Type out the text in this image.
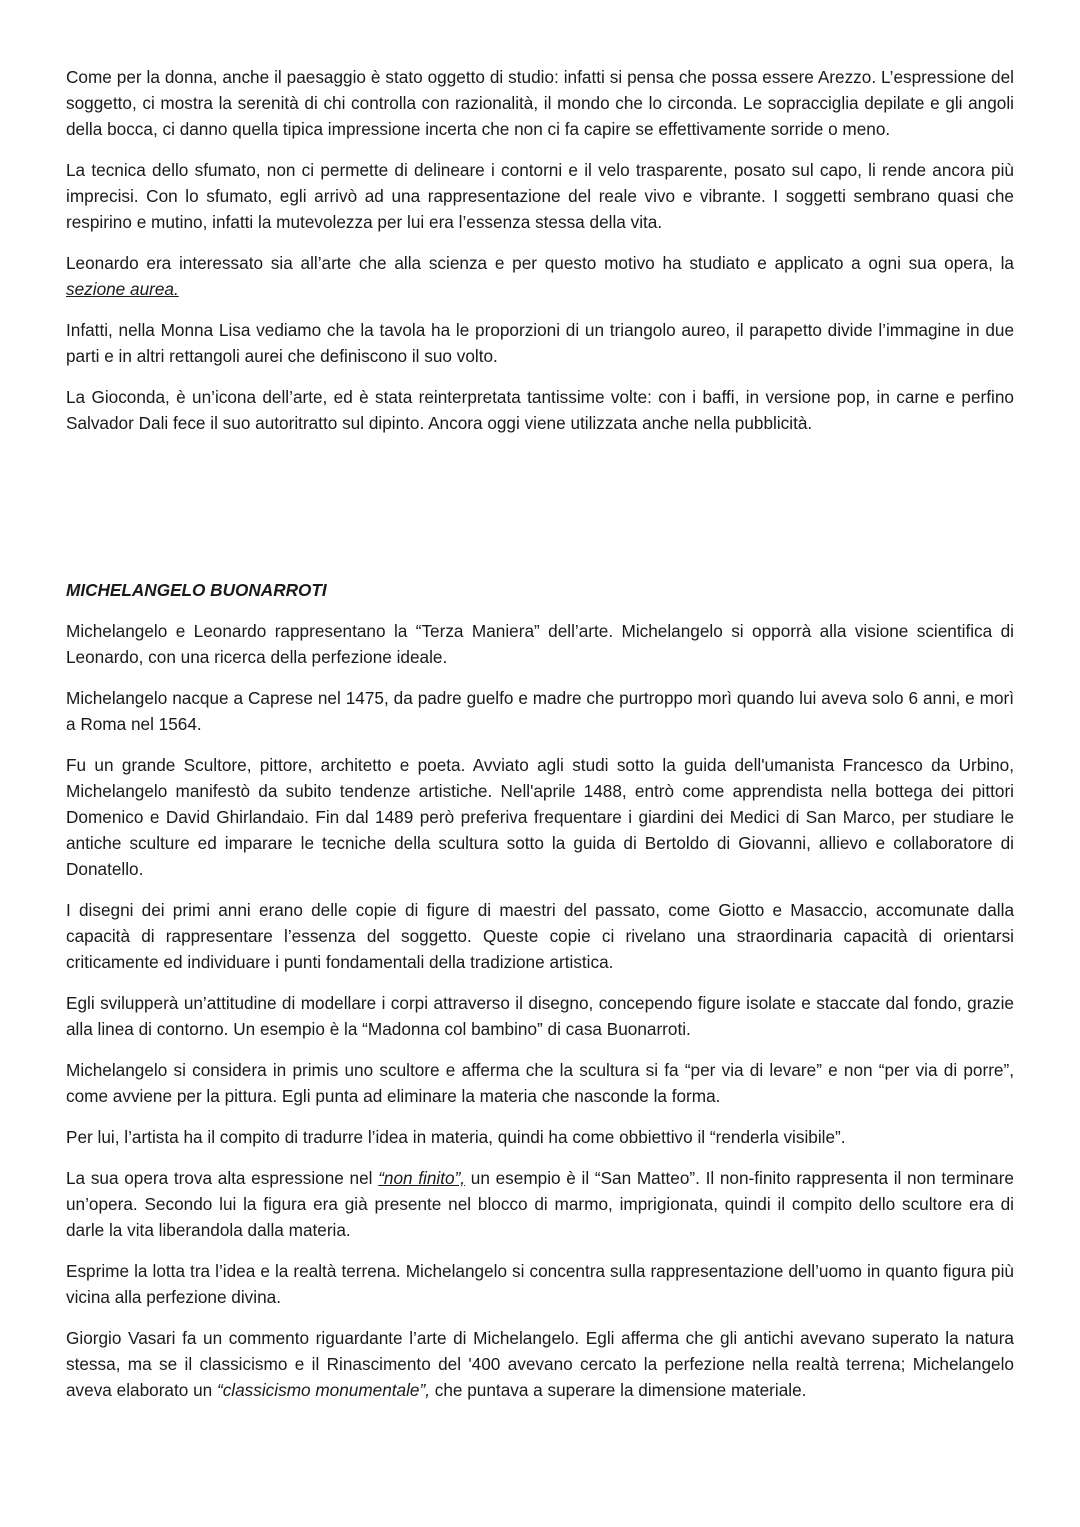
Come per la donna, anche il paesaggio è stato oggetto di studio: infatti si pensa che possa essere Arezzo. L’espressione del soggetto, ci mostra la serenità di chi controlla con razionalità, il mondo che lo circonda. Le sopracciglia depilate e gli angoli della bocca, ci danno quella tipica impressione incerta che non ci fa capire se effettivamente sorride o meno.

La tecnica dello sfumato, non ci permette di delineare i contorni e il velo trasparente, posato sul capo, li rende ancora più imprecisi. Con lo sfumato, egli arrivò ad una rappresentazione del reale vivo e vibrante. I soggetti sembrano quasi che respirino e mutino, infatti la mutevolezza per lui era l’essenza stessa della vita.

Leonardo era interessato sia all’arte che alla scienza e per questo motivo ha studiato e applicato a ogni sua opera, la sezione aurea.

Infatti, nella Monna Lisa vediamo che la tavola ha le proporzioni di un triangolo aureo, il parapetto divide l’immagine in due parti e in altri rettangoli aurei che definiscono il suo volto.

La Gioconda, è un’icona dell’arte, ed è stata reinterpretata tantissime volte: con i baffi, in versione pop, in carne e perfino Salvador Dali fece il suo autoritratto sul dipinto. Ancora oggi viene utilizzata anche nella pubblicità.

MICHELANGELO BUONARROTI

Michelangelo e Leonardo rappresentano la “Terza Maniera” dell’arte. Michelangelo si opporrà alla visione scientifica di Leonardo, con una ricerca della perfezione ideale.

Michelangelo nacque a Caprese nel 1475, da padre guelfo e madre che purtroppo morì quando lui aveva solo 6 anni, e morì a Roma nel 1564.

Fu un grande Scultore, pittore, architetto e poeta. Avviato agli studi sotto la guida dell'umanista Francesco da Urbino, Michelangelo manifestò da subito tendenze artistiche. Nell'aprile 1488, entrò come apprendista nella bottega dei pittori Domenico e David Ghirlandaio. Fin dal 1489 però preferiva frequentare i giardini dei Medici di San Marco, per studiare le antiche sculture ed imparare le tecniche della scultura sotto la guida di Bertoldo di Giovanni, allievo e collaboratore di Donatello.

I disegni dei primi anni erano delle copie di figure di maestri del passato, come Giotto e Masaccio, accomunate dalla capacità di rappresentare l’essenza del soggetto. Queste copie ci rivelano una straordinaria capacità di orientarsi criticamente ed individuare i punti fondamentali della tradizione artistica.

Egli svilupperà un’attitudine di modellare i corpi attraverso il disegno, concependo figure isolate e staccate dal fondo, grazie alla linea di contorno. Un esempio è la “Madonna col bambino” di casa Buonarroti.

Michelangelo si considera in primis uno scultore e afferma che la scultura si fa “per via di levare” e non “per via di porre”, come avviene per la pittura. Egli punta ad eliminare la materia che nasconde la forma.

Per lui, l’artista ha il compito di tradurre l’idea in materia, quindi ha come obbiettivo il “renderla visibile”.

La sua opera trova alta espressione nel “non finito”, un esempio è il “San Matteo”. Il non-finito rappresenta il non terminare un’opera. Secondo lui la figura era già presente nel blocco di marmo, imprigionata, quindi il compito dello scultore era di darle la vita liberandola dalla materia.

Esprime la lotta tra l’idea e la realtà terrena. Michelangelo si concentra sulla rappresentazione dell’uomo in quanto figura più vicina alla perfezione divina.

Giorgio Vasari fa un commento riguardante l’arte di Michelangelo. Egli afferma che gli antichi avevano superato la natura stessa, ma se il classicismo e il Rinascimento del '400 avevano cercato la perfezione nella realtà terrena; Michelangelo aveva elaborato un “classicismo monumentale”, che puntava a superare la dimensione materiale.
